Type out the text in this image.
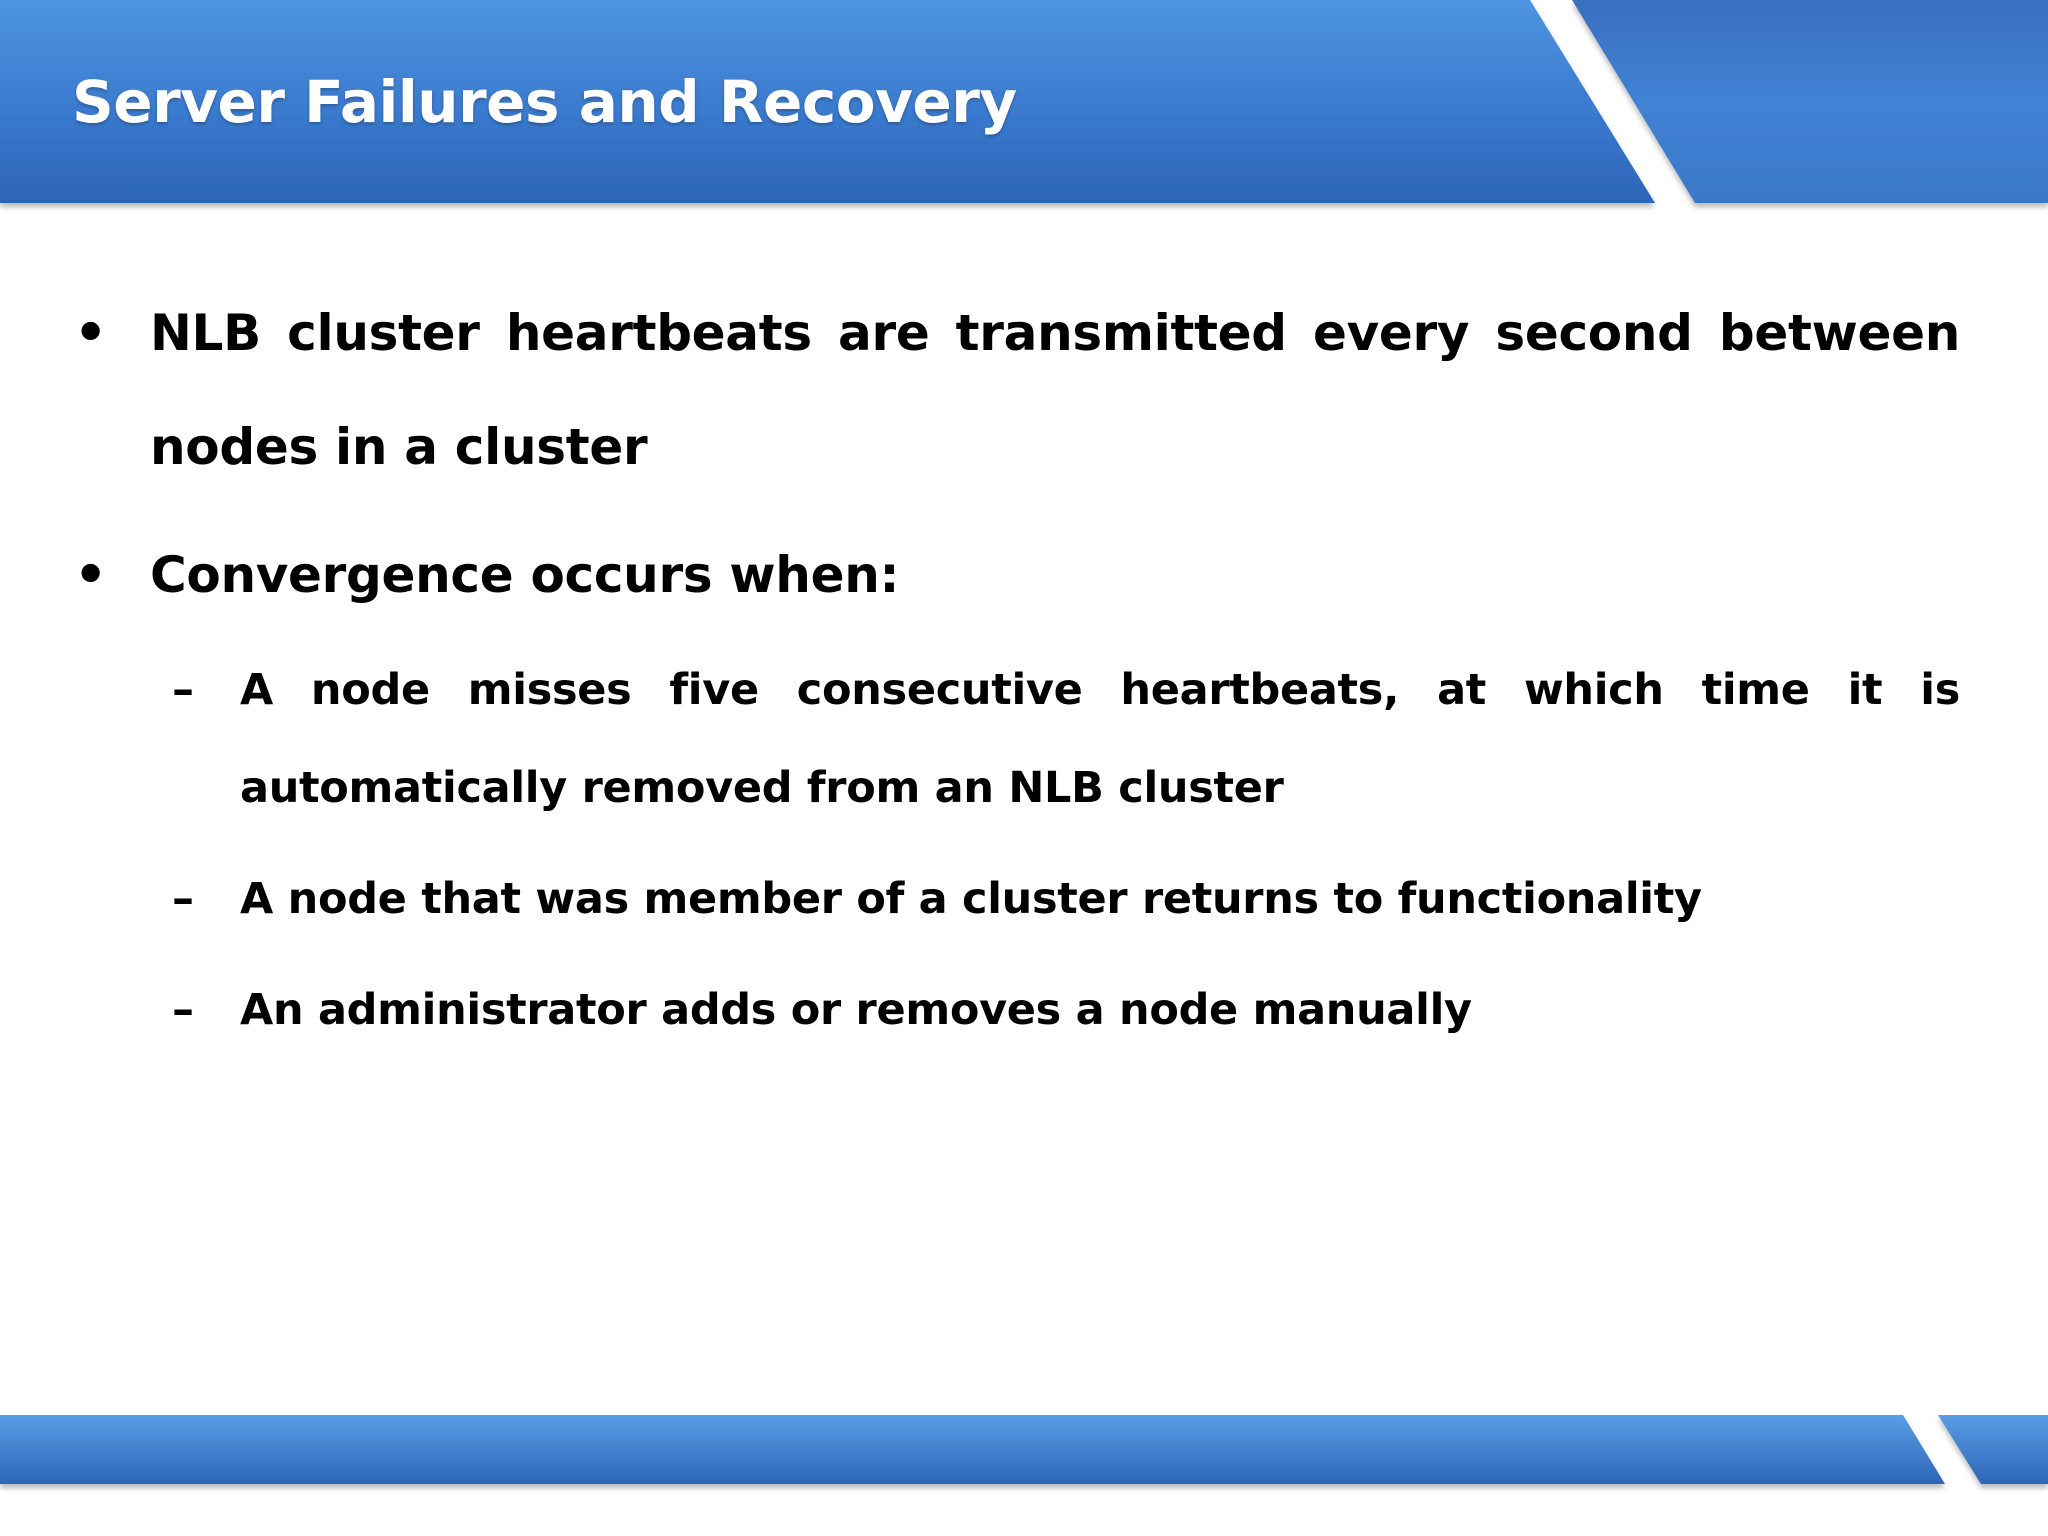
Server Failures and Recovery
• NLB cluster heartbeats are transmitted every second between nodes in a cluster
• Convergence occurs when:
– A node misses five consecutive heartbeats, at which time it is automatically removed from an NLB cluster
– A node that was member of a cluster returns to functionality
– An administrator adds or removes a node manually
